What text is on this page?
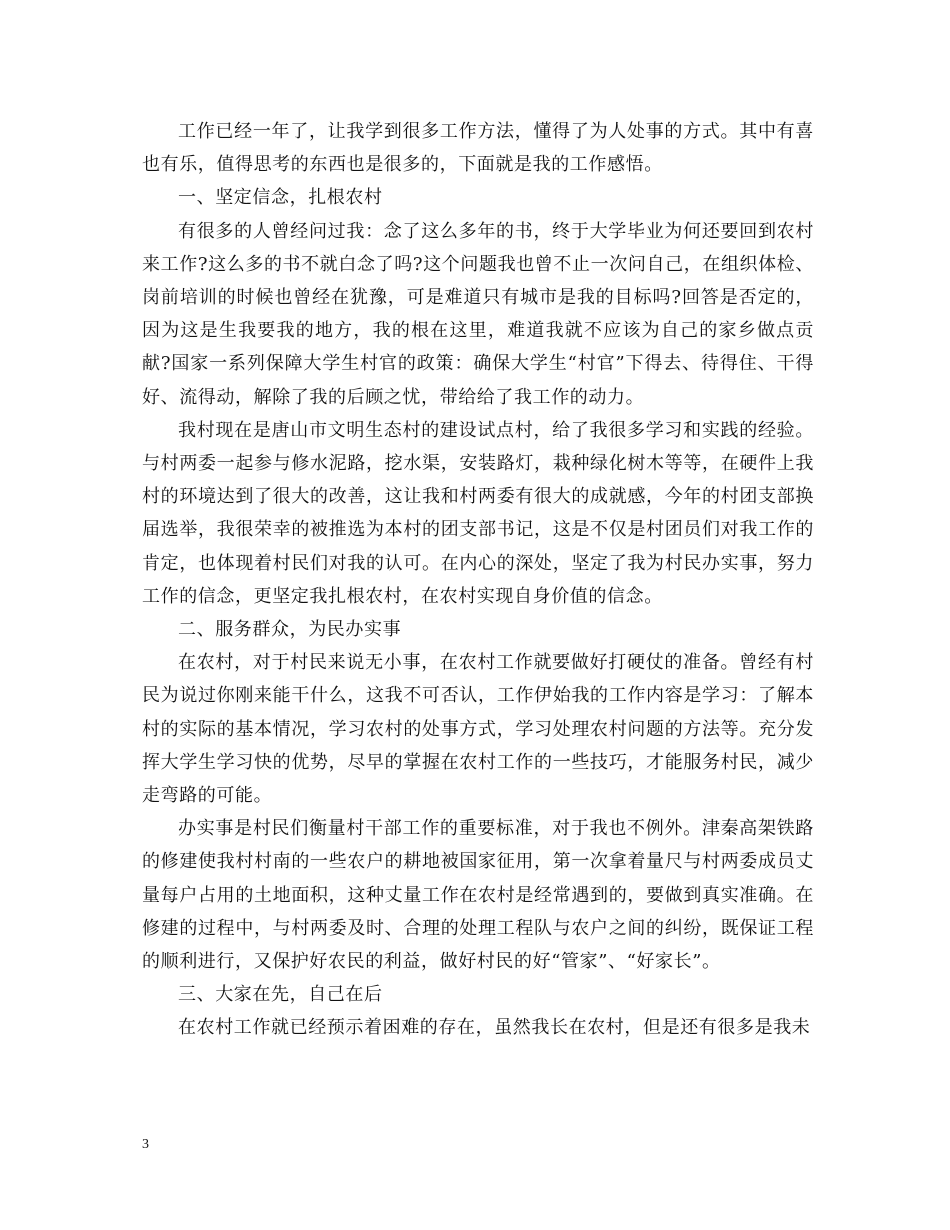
工作已经一年了，让我学到很多工作方法，懂得了为人处事的方式。其中有喜也有乐，值得思考的东西也是很多的，下面就是我的工作感悟。

一、坚定信念，扎根农村

有很多的人曾经问过我：念了这么多年的书，终于大学毕业为何还要回到农村来工作?这么多的书不就白念了吗?这个问题我也曾不止一次问自己，在组织体检、岗前培训的时候也曾经在犹豫，可是难道只有城市是我的目标吗?回答是否定的，因为这是生我要我的地方，我的根在这里，难道我就不应该为自己的家乡做点贡献?国家一系列保障大学生村官的政策：确保大学生“村官”下得去、待得住、干得好、流得动，解除了我的后顾之忧，带给给了我工作的动力。

我村现在是唐山市文明生态村的建设试点村，给了我很多学习和实践的经验。与村两委一起参与修水泥路，挖水渠，安装路灯，栽种绿化树木等等，在硬件上我村的环境达到了很大的改善，这让我和村两委有很大的成就感，今年的村团支部换届选举，我很荣幸的被推选为本村的团支部书记，这是不仅是村团员们对我工作的肯定，也体现着村民们对我的认可。在内心的深处，坚定了我为村民办实事，努力工作的信念，更坚定我扎根农村，在农村实现自身价值的信念。

二、服务群众，为民办实事

在农村，对于村民来说无小事，在农村工作就要做好打硬仗的准备。曾经有村民为说过你刚来能干什么，这我不可否认，工作伊始我的工作内容是学习：了解本村的实际的基本情况，学习农村的处事方式，学习处理农村问题的方法等。充分发挥大学生学习快的优势，尽早的掌握在农村工作的一些技巧，才能服务村民，减少走弯路的可能。

办实事是村民们衡量村干部工作的重要标准，对于我也不例外。津秦高架铁路的修建使我村村南的一些农户的耕地被国家征用，第一次拿着量尺与村两委成员丈量每户占用的土地面积，这种丈量工作在农村是经常遇到的，要做到真实准确。在修建的过程中，与村两委及时、合理的处理工程队与农户之间的纠纷，既保证工程的顺利进行，又保护好农民的利益，做好村民的好“管家”、“好家长”。

三、大家在先，自己在后

在农村工作就已经预示着困难的存在，虽然我长在农村，但是还有很多是我未

3
